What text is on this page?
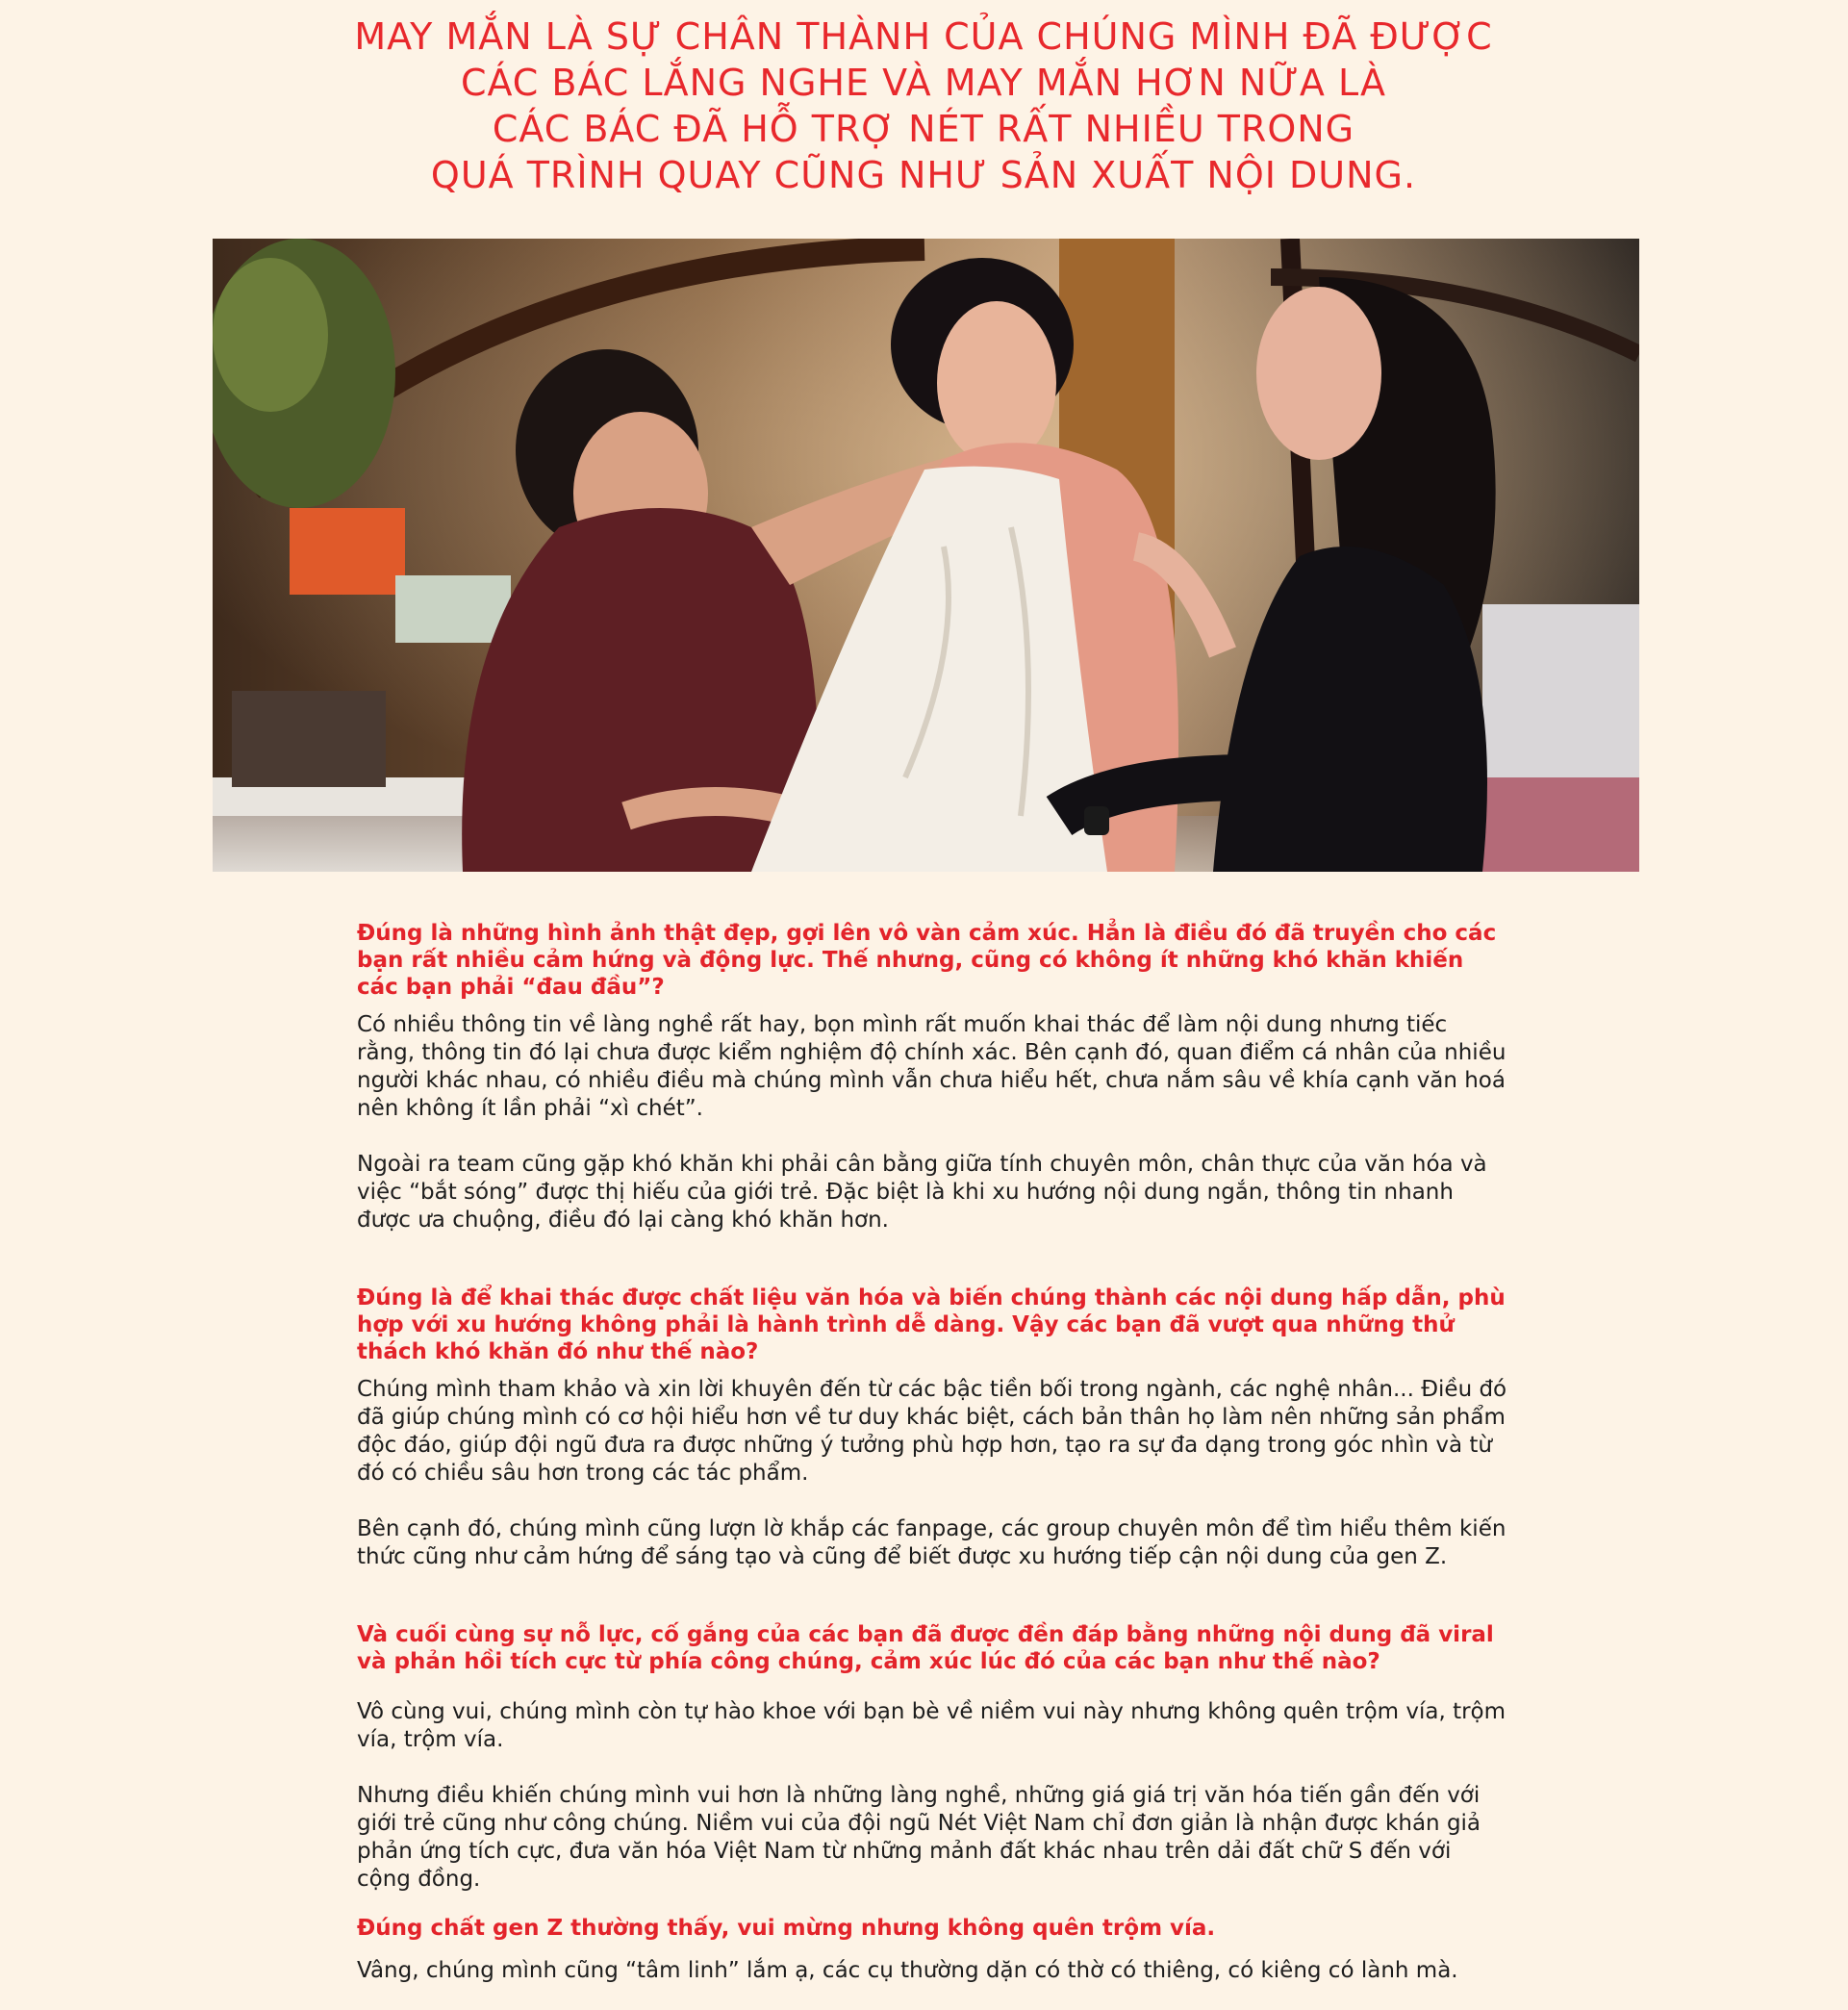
MAY MẮN LÀ SỰ CHÂN THÀNH CỦA CHÚNG MÌNH ĐÃ ĐƯỢC
CÁC BÁC LẮNG NGHE VÀ MAY MẮN HƠN NỮA LÀ
CÁC BÁC ĐÃ HỖ TRỢ NÉT RẤT NHIỀU TRONG
QUÁ TRÌNH QUAY CŨNG NHƯ SẢN XUẤT NỘI DUNG.

Đúng là những hình ảnh thật đẹp, gợi lên vô vàn cảm xúc. Hẳn là điều đó đã truyền cho các bạn rất nhiều cảm hứng và động lực. Thế nhưng, cũng có không ít những khó khăn khiến các bạn phải “đau đầu”?

Có nhiều thông tin về làng nghề rất hay, bọn mình rất muốn khai thác để làm nội dung nhưng tiếc rằng, thông tin đó lại chưa được kiểm nghiệm độ chính xác. Bên cạnh đó, quan điểm cá nhân của nhiều người khác nhau, có nhiều điều mà chúng mình vẫn chưa hiểu hết, chưa nắm sâu về khía cạnh văn hoá nên không ít lần phải “xì chét”.

Ngoài ra team cũng gặp khó khăn khi phải cân bằng giữa tính chuyên môn, chân thực của văn hóa và việc “bắt sóng” được thị hiếu của giới trẻ. Đặc biệt là khi xu hướng nội dung ngắn, thông tin nhanh được ưa chuộng, điều đó lại càng khó khăn hơn.

Đúng là để khai thác được chất liệu văn hóa và biến chúng thành các nội dung hấp dẫn, phù hợp với xu hướng không phải là hành trình dễ dàng. Vậy các bạn đã vượt qua những thử thách khó khăn đó như thế nào?

Chúng mình tham khảo và xin lời khuyên đến từ các bậc tiền bối trong ngành, các nghệ nhân... Điều đó đã giúp chúng mình có cơ hội hiểu hơn về tư duy khác biệt, cách bản thân họ làm nên những sản phẩm độc đáo, giúp đội ngũ đưa ra được những ý tưởng phù hợp hơn, tạo ra sự đa dạng trong góc nhìn và từ đó có chiều sâu hơn trong các tác phẩm.

Bên cạnh đó, chúng mình cũng lượn lờ khắp các fanpage, các group chuyên môn để tìm hiểu thêm kiến thức cũng như cảm hứng để sáng tạo và cũng để biết được xu hướng tiếp cận nội dung của gen Z.

Và cuối cùng sự nỗ lực, cố gắng của các bạn đã được đền đáp bằng những nội dung đã viral và phản hồi tích cực từ phía công chúng, cảm xúc lúc đó của các bạn như thế nào?

Vô cùng vui, chúng mình còn tự hào khoe với bạn bè về niềm vui này nhưng không quên trộm vía, trộm vía, trộm vía.

Nhưng điều khiến chúng mình vui hơn là những làng nghề, những giá giá trị văn hóa tiến gần đến với giới trẻ cũng như công chúng. Niềm vui của đội ngũ Nét Việt Nam chỉ đơn giản là nhận được khán giả phản ứng tích cực, đưa văn hóa Việt Nam từ những mảnh đất khác nhau trên dải đất chữ S đến với cộng đồng.

Đúng chất gen Z thường thấy, vui mừng nhưng không quên trộm vía.

Vâng, chúng mình cũng “tâm linh” lắm ạ, các cụ thường dặn có thờ có thiêng, có kiêng có lành mà.
